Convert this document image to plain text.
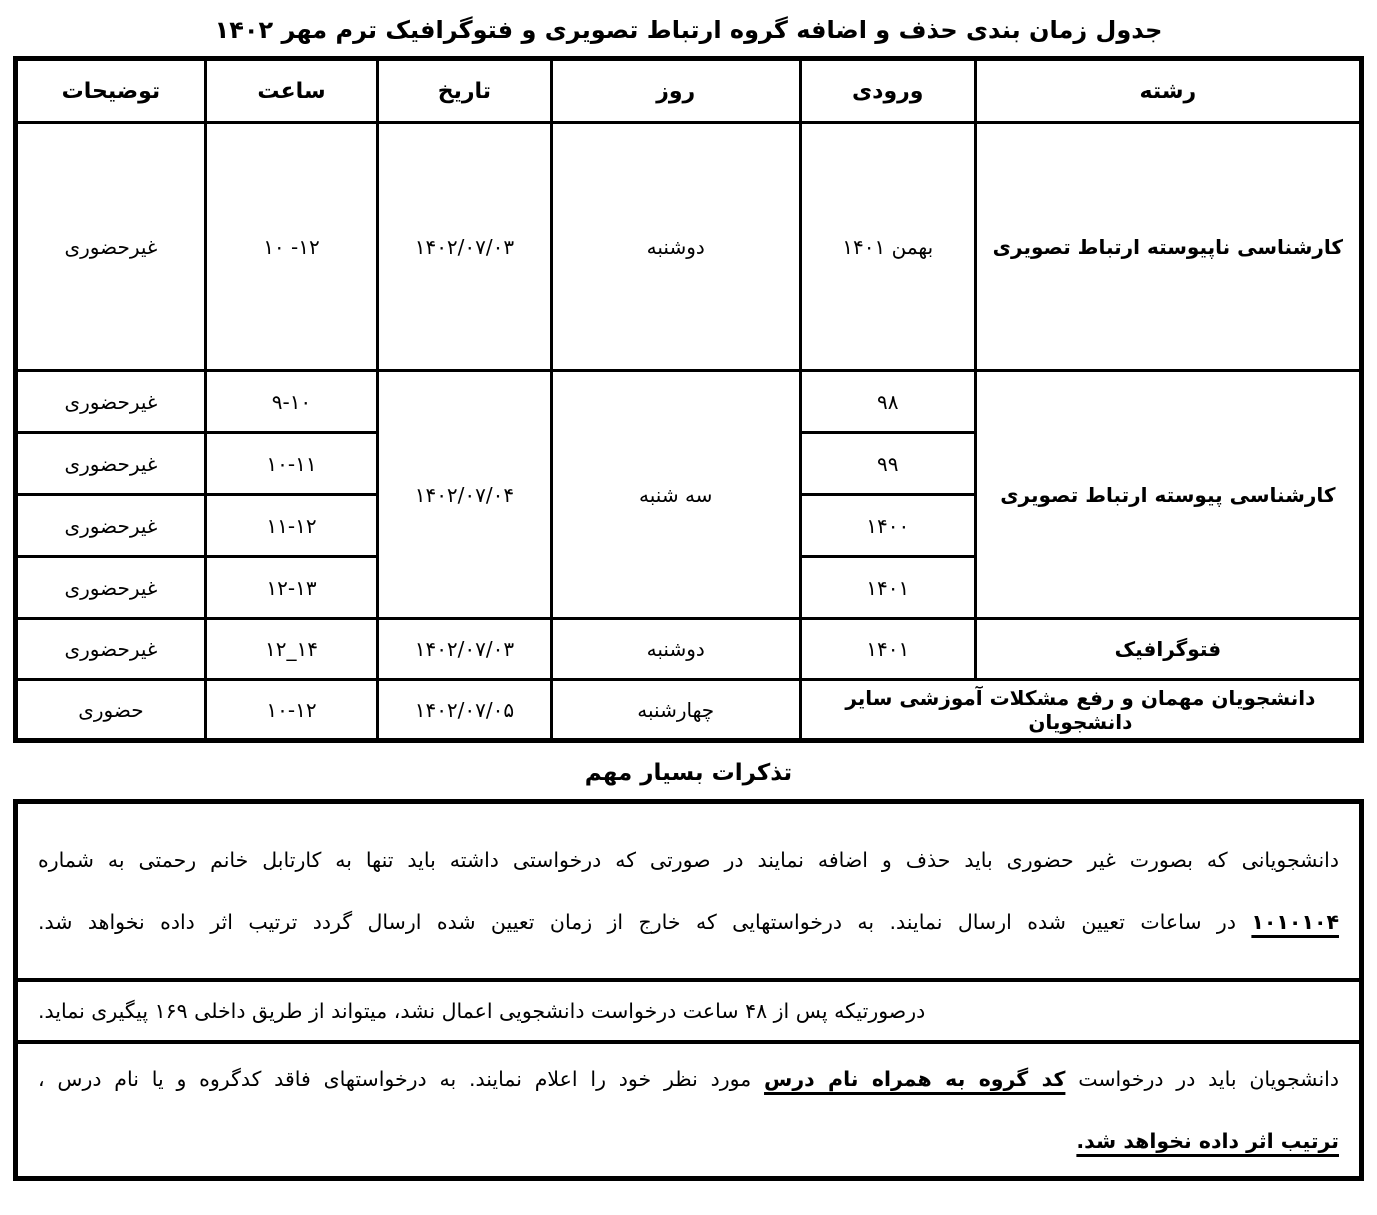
جدول زمان بندی حذف و اضافه گروه ارتباط تصویری و فتوگرافیک ترم مهر ۱۴۰۲
رشته	ورودی	روز	تاریخ	ساعت	توضیحات
کارشناسی ناپیوسته ارتباط تصویری	بهمن ۱۴۰۱	دوشنبه	۱۴۰۲/۰۷/۰۳	۱۰ -۱۲	غیرحضوری
کارشناسی پیوسته ارتباط تصویری	۹۸	سه شنبه	۱۴۰۲/۰۷/۰۴	۹-۱۰	غیرحضوری
	۹۹			۱۰-۱۱	غیرحضوری
	۱۴۰۰			۱۱-۱۲	غیرحضوری
	۱۴۰۱			۱۲-۱۳	غیرحضوری
فتوگرافیک	۱۴۰۱	دوشنبه	۱۴۰۲/۰۷/۰۳	۱۲_۱۴	غیرحضوری
دانشجویان مهمان و رفع مشکلات آموزشی سایر دانشجویان		چهارشنبه	۱۴۰۲/۰۷/۰۵	۱۰-۱۲	حضوری
تذکرات بسیار مهم
دانشجویانی که بصورت غیر حضوری باید حذف و اضافه نمایند در صورتی که درخواستی داشته باید تنها به کارتابل خانم رحمتی به شماره
۱۰۱۰۱۰۴ در ساعات تعیین شده ارسال نمایند. به درخواستهایی که خارج از زمان تعیین شده ارسال گردد ترتیب اثر داده نخواهد شد.

درصورتیکه پس از ۴۸ ساعت درخواست دانشجویی اعمال نشد، میتواند از طریق داخلی ۱۶۹ پیگیری نماید.

دانشجویان باید در درخواست کد گروه به همراه نام درس مورد نظر خود را اعلام نمایند. به درخواستهای فاقد کدگروه و یا نام درس ،
ترتیب اثر داده نخواهد شد.
